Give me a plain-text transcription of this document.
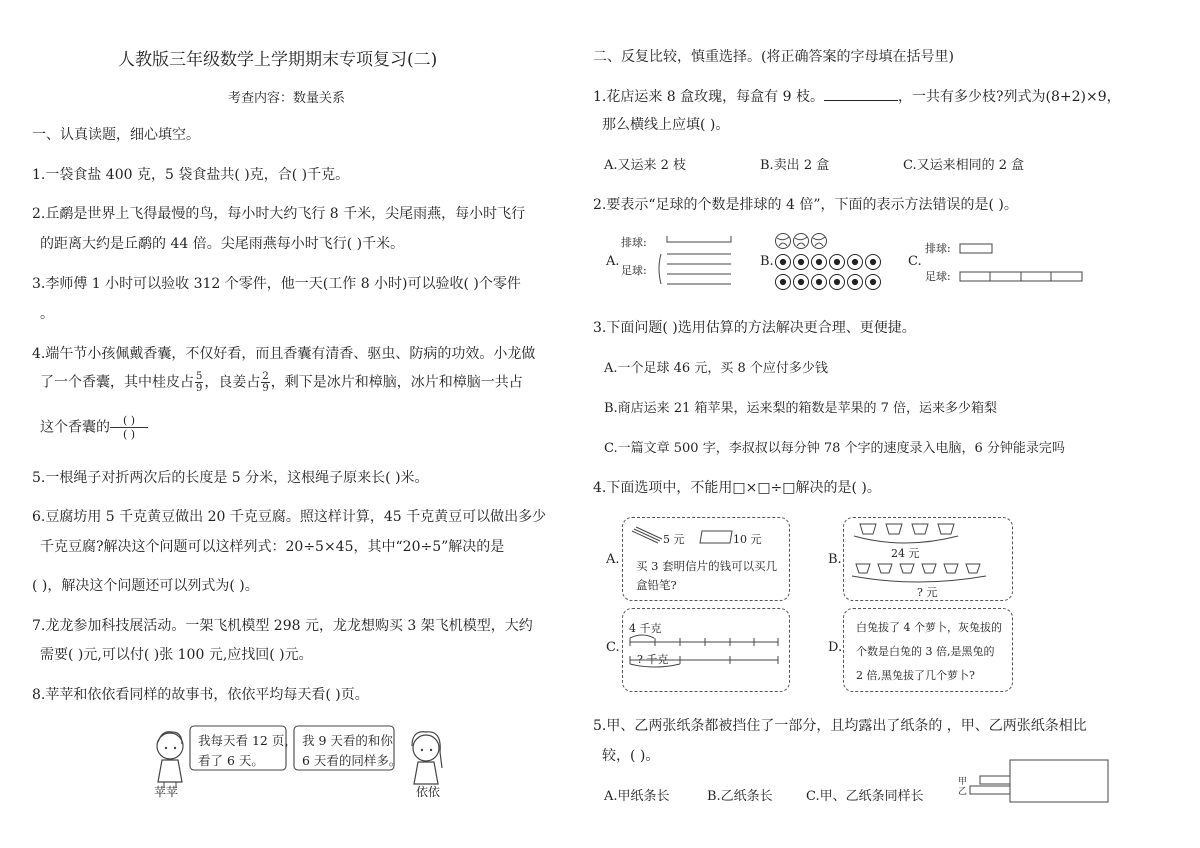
人教版三年级数学上学期期末专项复习(二)
考查内容：数量关系
一、认真读题，细心填空。
1.一袋食盐 400 克，5 袋食盐共( )克，合( )千克。
2.丘鹬是世界上飞得最慢的鸟，每小时大约飞行 8 千米，尖尾雨燕，每小时飞行
的距离大约是丘鹬的 44 倍。尖尾雨燕每小时飞行( )千米。
3.李师傅 1 小时可以验收 312 个零件，他一天(工作 8 小时)可以验收( )个零件
。
4.端午节小孩佩戴香囊，不仅好看，而且香囊有清香、驱虫、防病的功效。小龙做
了一个香囊，其中桂皮占 $\frac{5}{9}$ ，良姜占 $\frac{2}{9}$ ，剩下是冰片和樟脑，冰片和樟脑一共占
这个香囊的	( )
( )
5.一根绳子对折两次后的长度是 5 分米，这根绳子原来长( )米。
6.豆腐坊用 5 千克黄豆做出 20 千克豆腐。照这样计算，45 千克黄豆可以做出多少
千克豆腐?解决这个问题可以这样列式：20÷5×45，其中“20÷5”解决的是
( )，解决这个问题还可以列式为( )。
7.龙龙参加科技展活动。一架飞机模型 298 元，龙龙想购买 3 架飞机模型，大约
需要( )元,可以付( )张 100 元,应找回( )元。
8.苹苹和依依看同样的故事书，依依平均每天看( )页。
我每天看 12 页，
看了 6 天。
我 9 天看的和你
6 天看的同样多。
苹苹	依依
二、反复比较，慎重选择。(将正确答案的字母填在括号里)
1.花店运来 8 盒玫瑰，每盒有 9 枝。	，一共有多少枝?列式为(8+2)×9，
那么横线上应填( )。
A.又运来 2 枝	B.卖出 2 盒	C.又运来相同的 2 盒
2.要表示“足球的个数是排球的 4 倍”，下面的表示方法错误的是( )。
排球:
A.
足球:
B.	C.
排球:
足球:
3.下面问题( )选用估算的方法解决更合理、更便捷。
A.一个足球 46 元，买 8 个应付多少钱
B.商店运来 21 箱苹果，运来梨的箱数是苹果的 7 倍，运来多少箱梨
C.一篇文章 500 字，李叔叔以每分钟 78 个字的速度录入电脑，6 分钟能录完吗
4.下面选项中，不能用□×□÷□解决的是( )。
A.
5 元	10 元
买 3 套明信片的钱可以买几
盒铅笔?
B.	24 元
? 元
C.
4 千克
? 千克
D.
白兔拔了 4 个萝卜，灰兔拔的
个数是白兔的 3 倍,是黑兔的
2 倍,黑兔拔了几个萝卜?
5.甲、乙两张纸条都被挡住了一部分，且均露出了纸条的 ，甲、乙两张纸条相比
较，( )。
A.甲纸条长	B.乙纸条长	C.甲、乙纸条同样长
甲
乙
